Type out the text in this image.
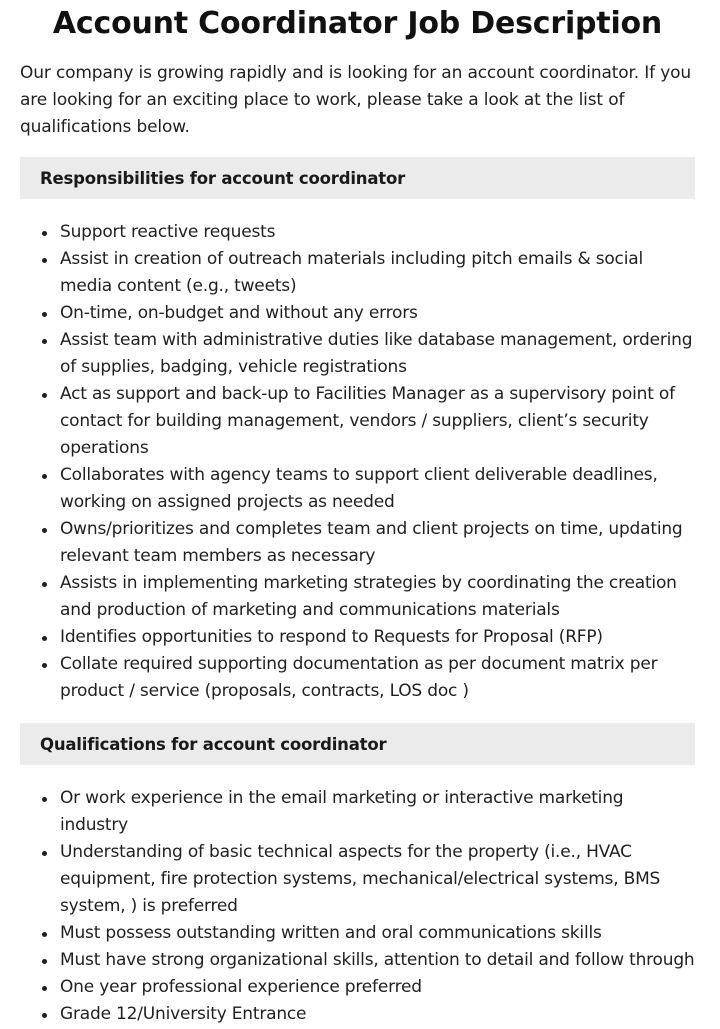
Account Coordinator Job Description

Our company is growing rapidly and is looking for an account coordinator. If you are looking for an exciting place to work, please take a look at the list of qualifications below.

Responsibilities for account coordinator
Support reactive requests
Assist in creation of outreach materials including pitch emails & social media content (e.g., tweets)
On-time, on-budget and without any errors
Assist team with administrative duties like database management, ordering of supplies, badging, vehicle registrations
Act as support and back-up to Facilities Manager as a supervisory point of contact for building management, vendors / suppliers, client’s security operations
Collaborates with agency teams to support client deliverable deadlines, working on assigned projects as needed
Owns/prioritizes and completes team and client projects on time, updating relevant team members as necessary
Assists in implementing marketing strategies by coordinating the creation and production of marketing and communications materials
Identifies opportunities to respond to Requests for Proposal (RFP)
Collate required supporting documentation as per document matrix per product / service (proposals, contracts, LOS doc )
Qualifications for account coordinator
Or work experience in the email marketing or interactive marketing industry
Understanding of basic technical aspects for the property (i.e., HVAC equipment, fire protection systems, mechanical/electrical systems, BMS system, ) is preferred
Must possess outstanding written and oral communications skills
Must have strong organizational skills, attention to detail and follow through
One year professional experience preferred
Grade 12/University Entrance
